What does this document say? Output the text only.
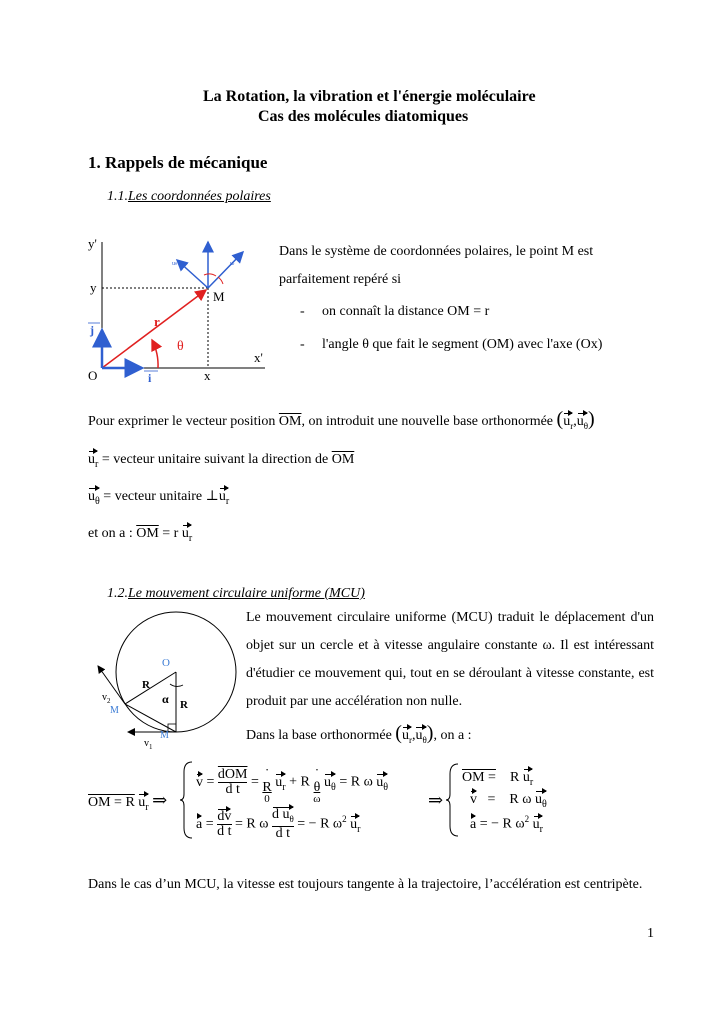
La Rotation, la vibration et l'énergie moléculaire
Cas des molécules diatomiques
1. Rappels de mécanique
1.1.Les coordonnées polaires
y'
y
x'
x
O
M
r
θ
i
j
uθ	ur
Dans le système de coordonnées polaires, le point M est
parfaitement repéré si
- on connaît la distance OM = r
- l'angle θ que fait le segment (OM) avec l'axe (Ox)
Pour exprimer le vecteur position $\overline{OM}$, on introduit une nouvelle base orthonormée $(u_r,u_\theta)$
$u_r$ = vecteur unitaire suivant la direction de $\overline{OM}$
$u_\theta$ = vecteur unitaire $\perp u_r$
et on a : $\overline{OM} = r$ $u_r$
1.2.Le mouvement circulaire uniforme (MCU)
O
R
R
α
$v_2$
M
$v_1$
M
Le mouvement circulaire uniforme (MCU) traduit le déplacement d'un objet sur un cercle et à vitesse angulaire constante ω. Il est intéressant d'étudier ce mouvement qui, tout en se déroulant à vitesse constante, est produit par une accélération non nulle.
Dans la base orthonormée $(u_r,u_\theta)$, on a :
OM = R $u_r$ ⇒
v =
$\overline{dOM}$
d t =
˙
R
0
$u_r + R$
˙
θ
ω
$u_\theta = R$ ω $u_\theta$
$a = \frac{dv}{\text{d t}} = R$ ω $\frac{d u_\theta}{\text{d t}}$ = − R $\omega^2$ $u_r$
⇒
OM = R $u_r$
v = R ω $u_\theta$
a = − R $\omega^2$ $u_r$
Dans le cas d’un MCU, la vitesse est toujours tangente à la trajectoire, l’accélération est centripète.
1
